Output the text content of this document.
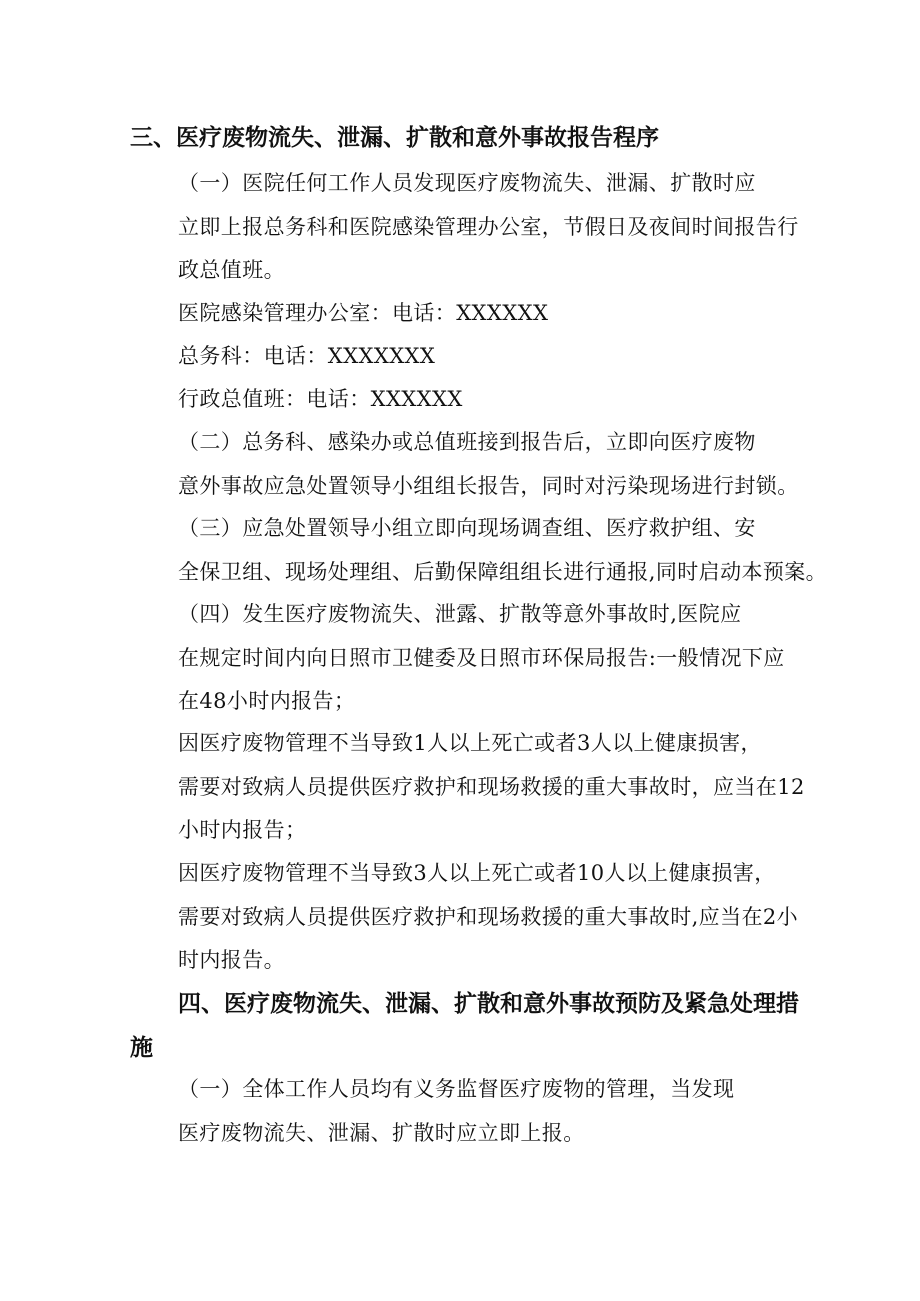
三、医疗废物流失、泄漏、扩散和意外事故报告程序

（一）医院任何工作人员发现医疗废物流失、泄漏、扩散时应
立即上报总务科和医院感染管理办公室，节假日及夜间时间报告行
政总值班。

医院感染管理办公室：电话：XXXXXX

总务科：电话：XXXXXXX

行政总值班：电话：XXXXXX

（二）总务科、感染办或总值班接到报告后，立即向医疗废物
意外事故应急处置领导小组组长报告，同时对污染现场进行封锁。

（三）应急处置领导小组立即向现场调查组、医疗救护组、安
全保卫组、现场处理组、后勤保障组组长进行通报,同时启动本预案。

（四）发生医疗废物流失、泄露、扩散等意外事故时,医院应
在规定时间内向日照市卫健委及日照市环保局报告:一般情况下应
在48小时内报告；

因医疗废物管理不当导致1人以上死亡或者3人以上健康损害，
需要对致病人员提供医疗救护和现场救援的重大事故时，应当在12
小时内报告；

因医疗废物管理不当导致3人以上死亡或者10人以上健康损害，
需要对致病人员提供医疗救护和现场救援的重大事故时,应当在2小
时内报告。

四、医疗废物流失、泄漏、扩散和意外事故预防及紧急处理措
施

（一）全体工作人员均有义务监督医疗废物的管理，当发现
医疗废物流失、泄漏、扩散时应立即上报。
